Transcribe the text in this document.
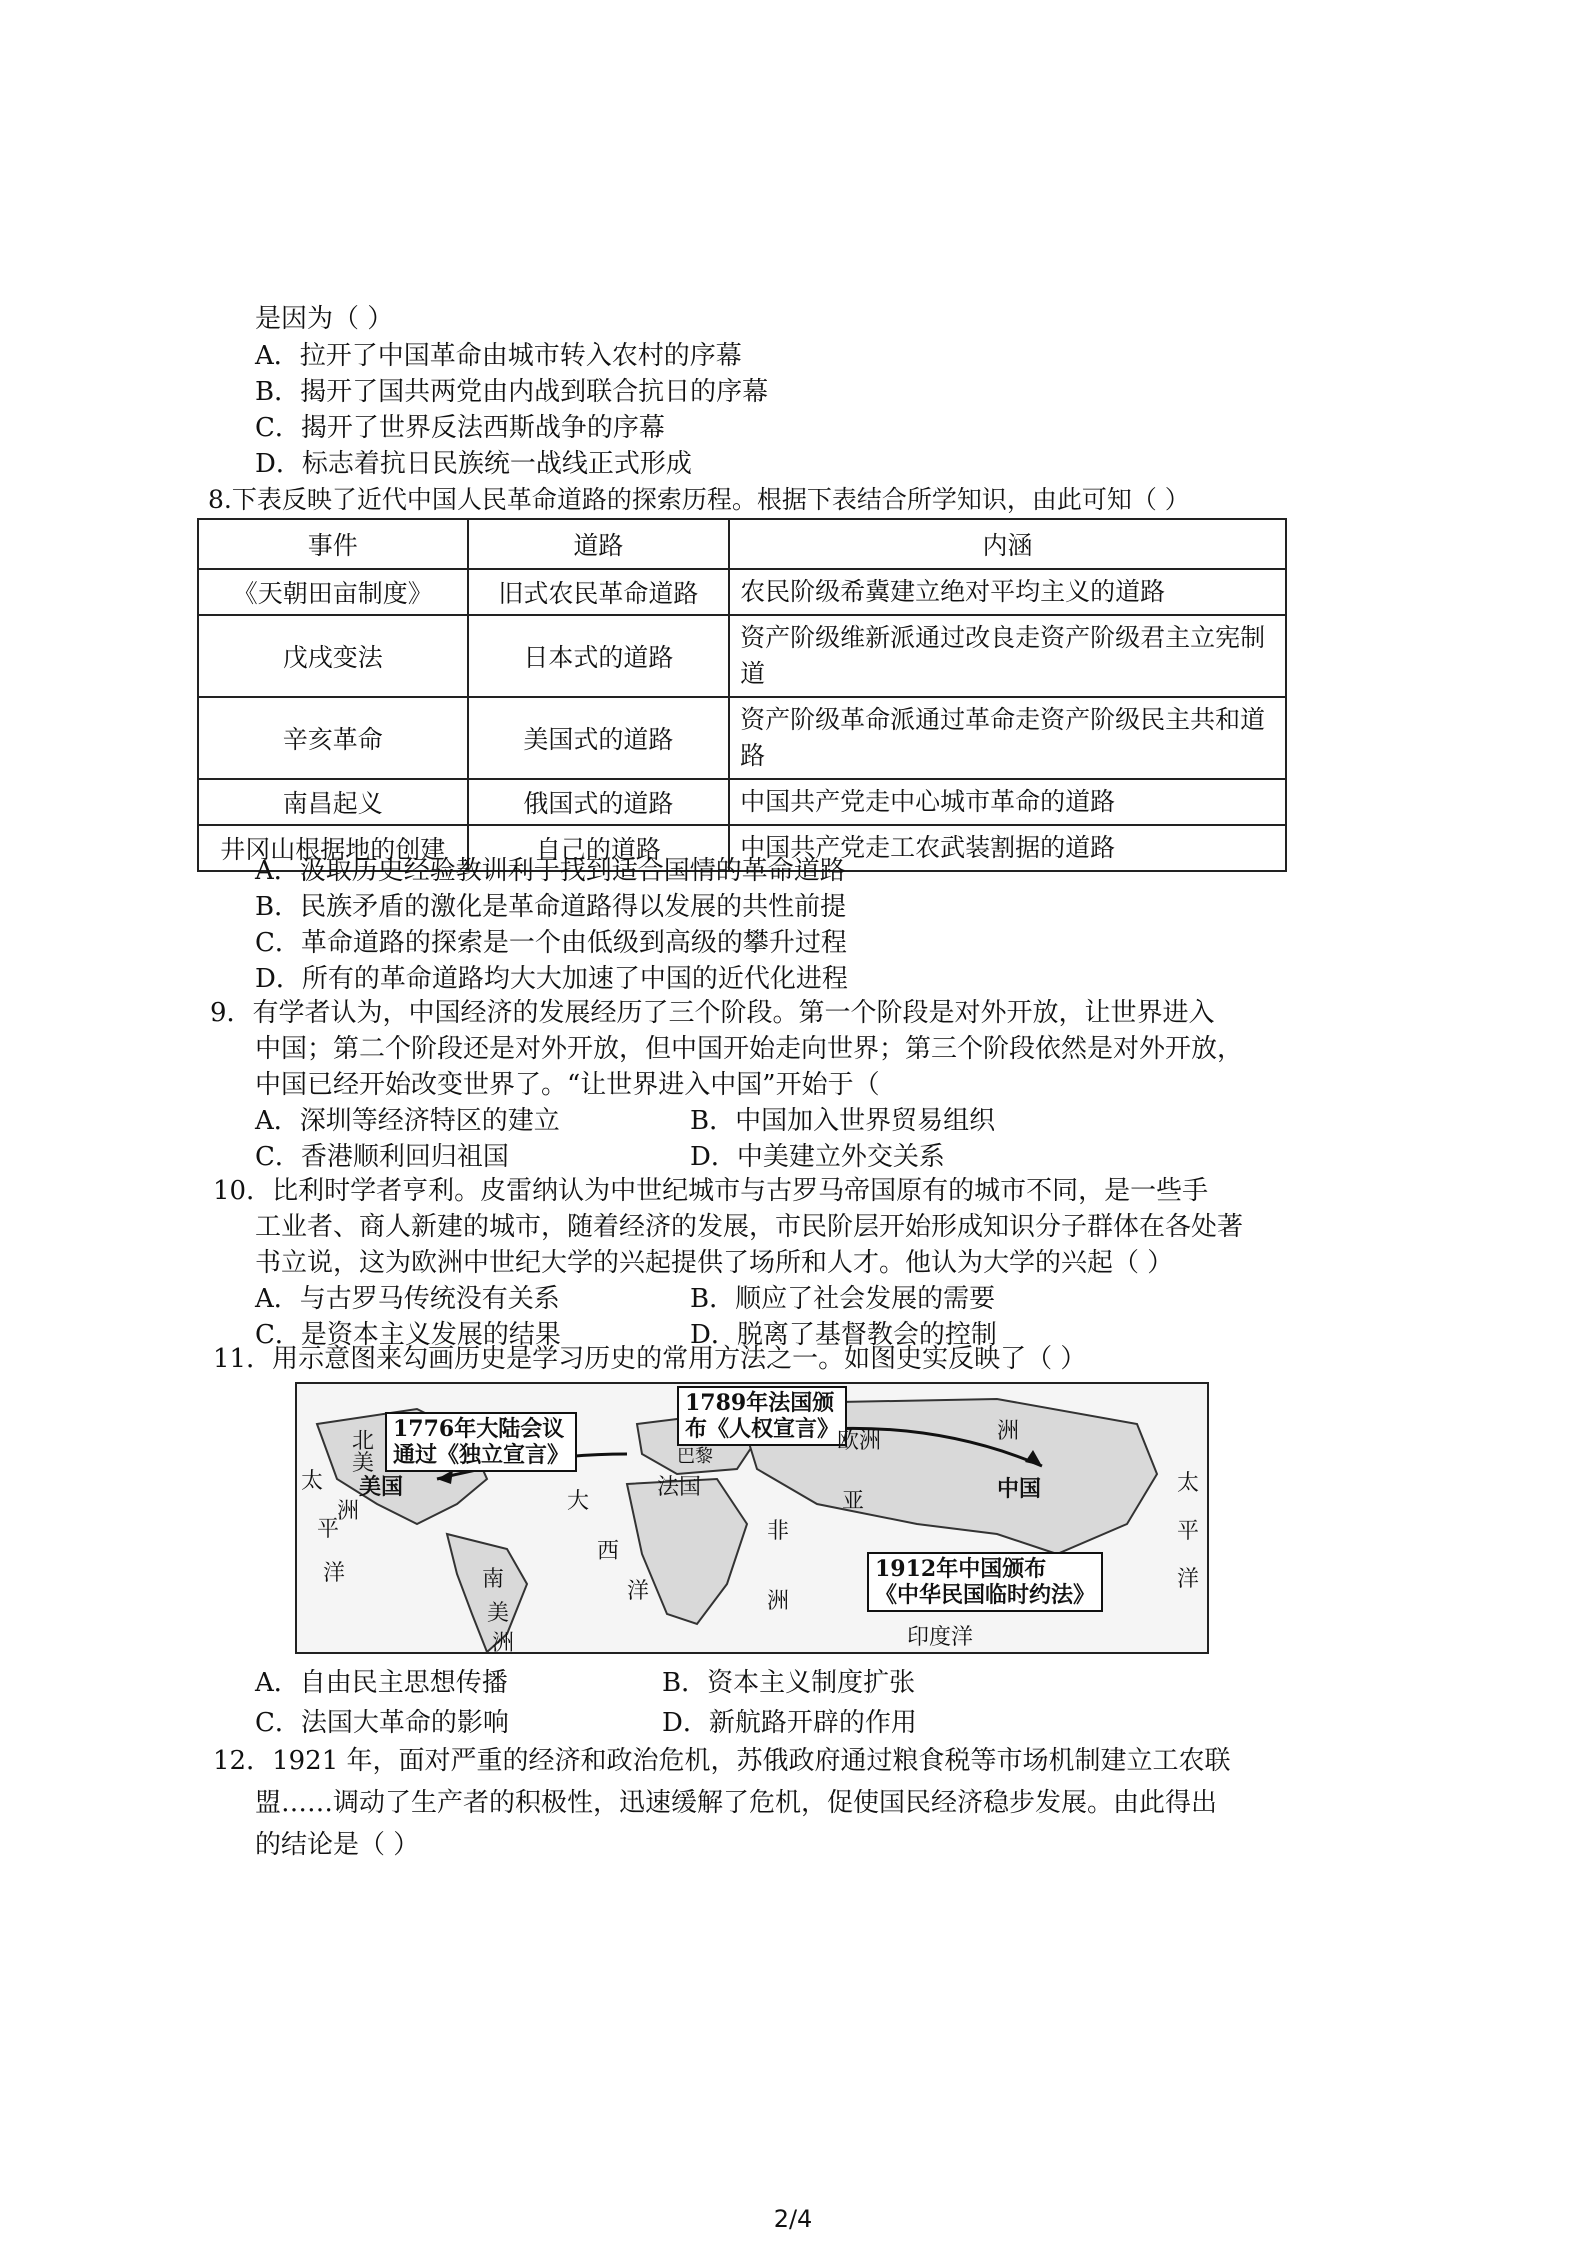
是因为（ ）
A．拉开了中国革命由城市转入农村的序幕
B．揭开了国共两党由内战到联合抗日的序幕
C．揭开了世界反法西斯战争的序幕
D．标志着抗日民族统一战线正式形成
8.下表反映了近代中国人民革命道路的探索历程。根据下表结合所学知识，由此可知（ ）
事件	道路	内涵
《天朝田亩制度》	旧式农民革命道路	农民阶级希冀建立绝对平均主义的道路
戊戌变法	日本式的道路	资产阶级维新派通过改良走资产阶级君主立宪制道
辛亥革命	美国式的道路	资产阶级革命派通过革命走资产阶级民主共和道路
南昌起义	俄国式的道路	中国共产党走中心城市革命的道路
井冈山根据地的创建	自己的道路	中国共产党走工农武装割据的道路
A．汲取历史经验教训利于找到适合国情的革命道路
B．民族矛盾的激化是革命道路得以发展的共性前提
C．革命道路的探索是一个由低级到高级的攀升过程
D．所有的革命道路均大大加速了中国的近代化进程
9．有学者认为，中国经济的发展经历了三个阶段。第一个阶段是对外开放，让世界进入
中国；第二个阶段还是对外开放，但中国开始走向世界；第三个阶段依然是对外开放，
中国已经开始改变世界了。“让世界进入中国”开始于（
A．深圳等经济特区的建立	B．中国加入世界贸易组织
C．香港顺利回归祖国	D．中美建立外交关系
10．比利时学者亨利。皮雷纳认为中世纪城市与古罗马帝国原有的城市不同，是一些手
工业者、商人新建的城市，随着经济的发展，市民阶层开始形成知识分子群体在各处著
书立说，这为欧洲中世纪大学的兴起提供了场所和人才。他认为大学的兴起（ ）
A．与古罗马传统没有关系	B．顺应了社会发展的需要
C．是资本主义发展的结果	D．脱离了基督教会的控制
11．用示意图来勾画历史是学习历史的常用方法之一。如图史实反映了（ ）
1776年大陆会议
通过《独立宣言》
1789年法国颁
布《人权宣言》
1912年中国颁布
《中华民国临时约法》
北
美
太 美国
平
洲
洋	南
美
洲
大
西
洋
巴黎
法国
非
洲
亚
欧洲	洲
中国	太
平
洋
印度洋
A．自由民主思想传播	B．资本主义制度扩张
C．法国大革命的影响	D．新航路开辟的作用
12．1921 年，面对严重的经济和政治危机，苏俄政府通过粮食税等市场机制建立工农联
盟……调动了生产者的积极性，迅速缓解了危机，促使国民经济稳步发展。由此得出
的结论是（ ）
2/4
